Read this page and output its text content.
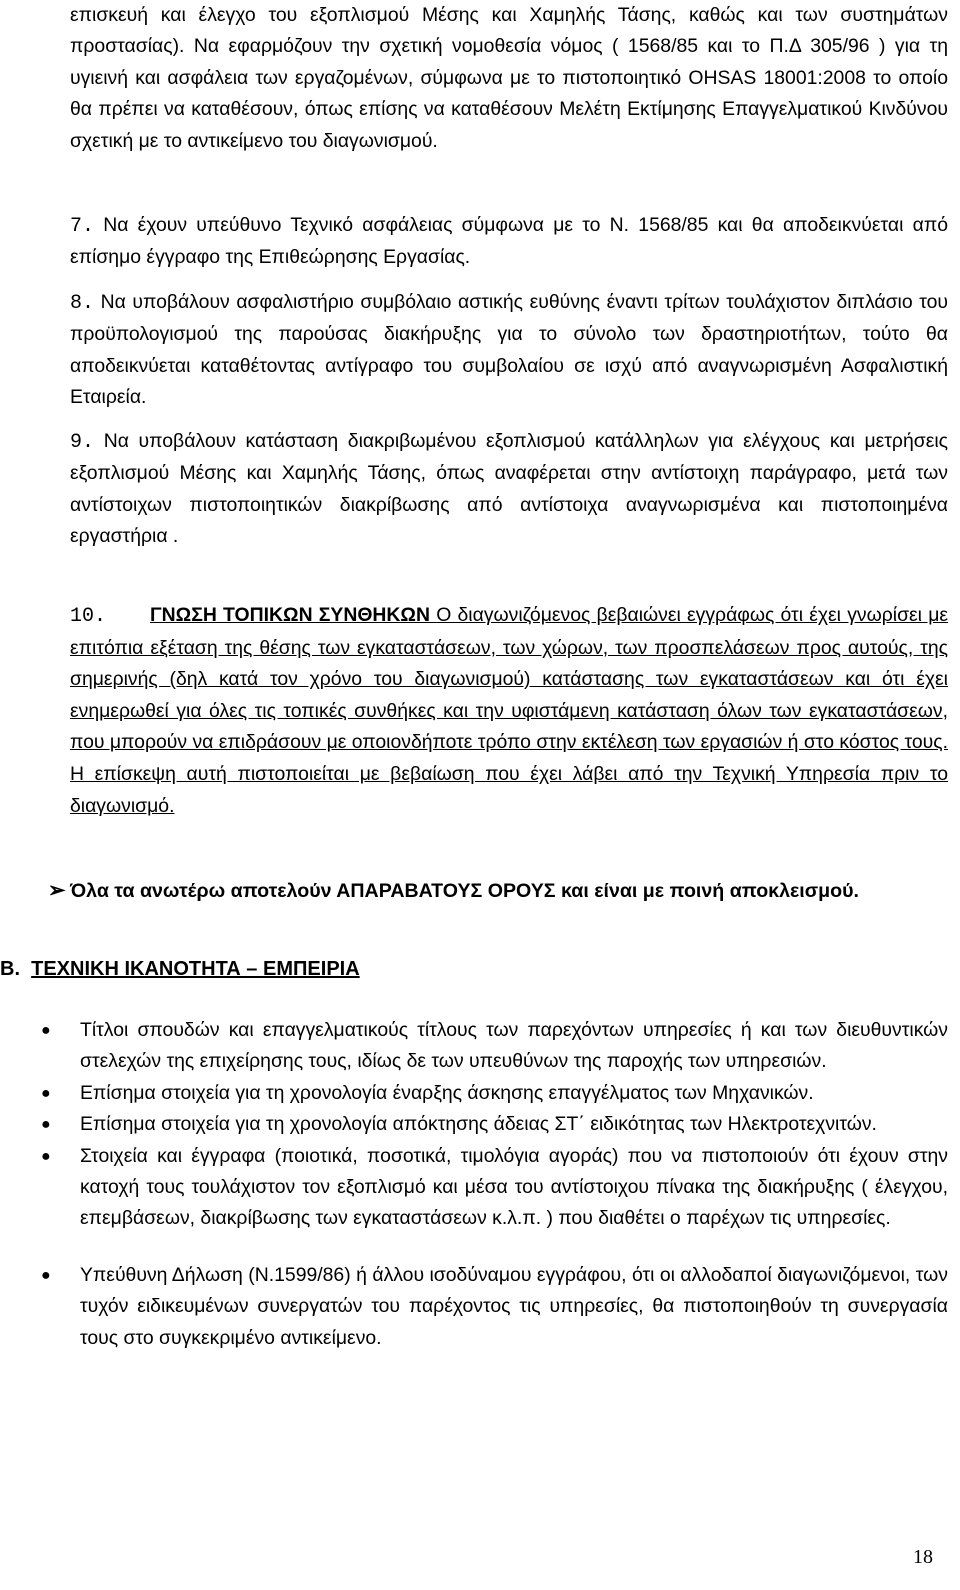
επισκευή και έλεγχο του εξοπλισμού Μέσης και Χαμηλής Τάσης, καθώς και των συστημάτων προστασίας). Να εφαρμόζουν την σχετική νομοθεσία νόμος ( 1568/85 και το Π.Δ 305/96 ) για τη υγιεινή και ασφάλεια των εργαζομένων, σύμφωνα με το πιστοποιητικό OHSAS 18001:2008 το οποίο θα πρέπει να καταθέσουν, όπως επίσης να καταθέσουν Μελέτη Εκτίμησης Επαγγελματικού Κινδύνου σχετική με το αντικείμενο του διαγωνισμού.

7. Να έχουν υπεύθυνο Τεχνικό ασφάλειας σύμφωνα με το Ν. 1568/85 και θα αποδεικνύεται από επίσημο έγγραφο της Επιθεώρησης Εργασίας.

8. Να υποβάλουν ασφαλιστήριο συμβόλαιο αστικής ευθύνης έναντι τρίτων τουλάχιστον διπλάσιο του προϋπολογισμού της παρούσας διακήρυξης για το σύνολο των δραστηριοτήτων, τούτο θα αποδεικνύεται καταθέτοντας αντίγραφο του συμβολαίου σε ισχύ από αναγνωρισμένη Ασφαλιστική Εταιρεία.

9. Να υποβάλουν κατάσταση διακριβωμένου εξοπλισμού κατάλληλων για ελέγχους και μετρήσεις εξοπλισμού Μέσης και Χαμηλής Τάσης, όπως αναφέρεται στην αντίστοιχη παράγραφο, μετά των αντίστοιχων πιστοποιητικών διακρίβωσης από αντίστοιχα αναγνωρισμένα και πιστοποιημένα εργαστήρια .

10. ΓΝΩΣΗ ΤΟΠΙΚΩΝ ΣΥΝΘΗΚΩΝ Ο διαγωνιζόμενος βεβαιώνει εγγράφως ότι έχει γνωρίσει με επιτόπια εξέταση της θέσης των εγκαταστάσεων, των χώρων, των προσπελάσεων προς αυτούς, της σημερινής (δηλ κατά τον χρόνο του διαγωνισμού) κατάστασης των εγκαταστάσεων και ότι έχει ενημερωθεί για όλες τις τοπικές συνθήκες και την υφιστάμενη κατάσταση όλων των εγκαταστάσεων, που μπορούν να επιδράσουν με οποιονδήποτε τρόπο στην εκτέλεση των εργασιών ή στο κόστος τους. Η επίσκεψη αυτή πιστοποιείται με βεβαίωση που έχει λάβει από την Τεχνική Υπηρεσία πριν το διαγωνισμό.
➢ Όλα τα ανωτέρω αποτελούν ΑΠΑΡΑΒΑΤΟΥΣ ΟΡΟΥΣ και είναι με ποινή αποκλεισμού.

Β. ΤΕΧΝΙΚΗ ΙΚΑΝΟΤΗΤΑ – ΕΜΠΕΙΡΙΑ
● Τίτλοι σπουδών και επαγγελματικούς τίτλους των παρεχόντων υπηρεσίες ή και των διευθυντικών στελεχών της επιχείρησης τους, ιδίως δε των υπευθύνων της παροχής των υπηρεσιών.
● Επίσημα στοιχεία για τη χρονολογία έναρξης άσκησης επαγγέλματος των Μηχανικών.
● Επίσημα στοιχεία για τη χρονολογία απόκτησης άδειας ΣΤ΄ ειδικότητας των Ηλεκτροτεχνιτών.
● Στοιχεία και έγγραφα (ποιοτικά, ποσοτικά, τιμολόγια αγοράς) που να πιστοποιούν ότι έχουν στην κατοχή τους τουλάχιστον τον εξοπλισμό και μέσα του αντίστοιχου πίνακα της διακήρυξης ( έλεγχου, επεμβάσεων, διακρίβωσης των εγκαταστάσεων κ.λ.π. ) που διαθέτει ο παρέχων τις υπηρεσίες.
● Υπεύθυνη Δήλωση (Ν.1599/86) ή άλλου ισοδύναμου εγγράφου, ότι οι αλλοδαποί διαγωνιζόμενοι, των τυχόν ειδικευμένων συνεργατών του παρέχοντος τις υπηρεσίες, θα πιστοποιηθούν τη συνεργασία τους στο συγκεκριμένο αντικείμενο.
18
